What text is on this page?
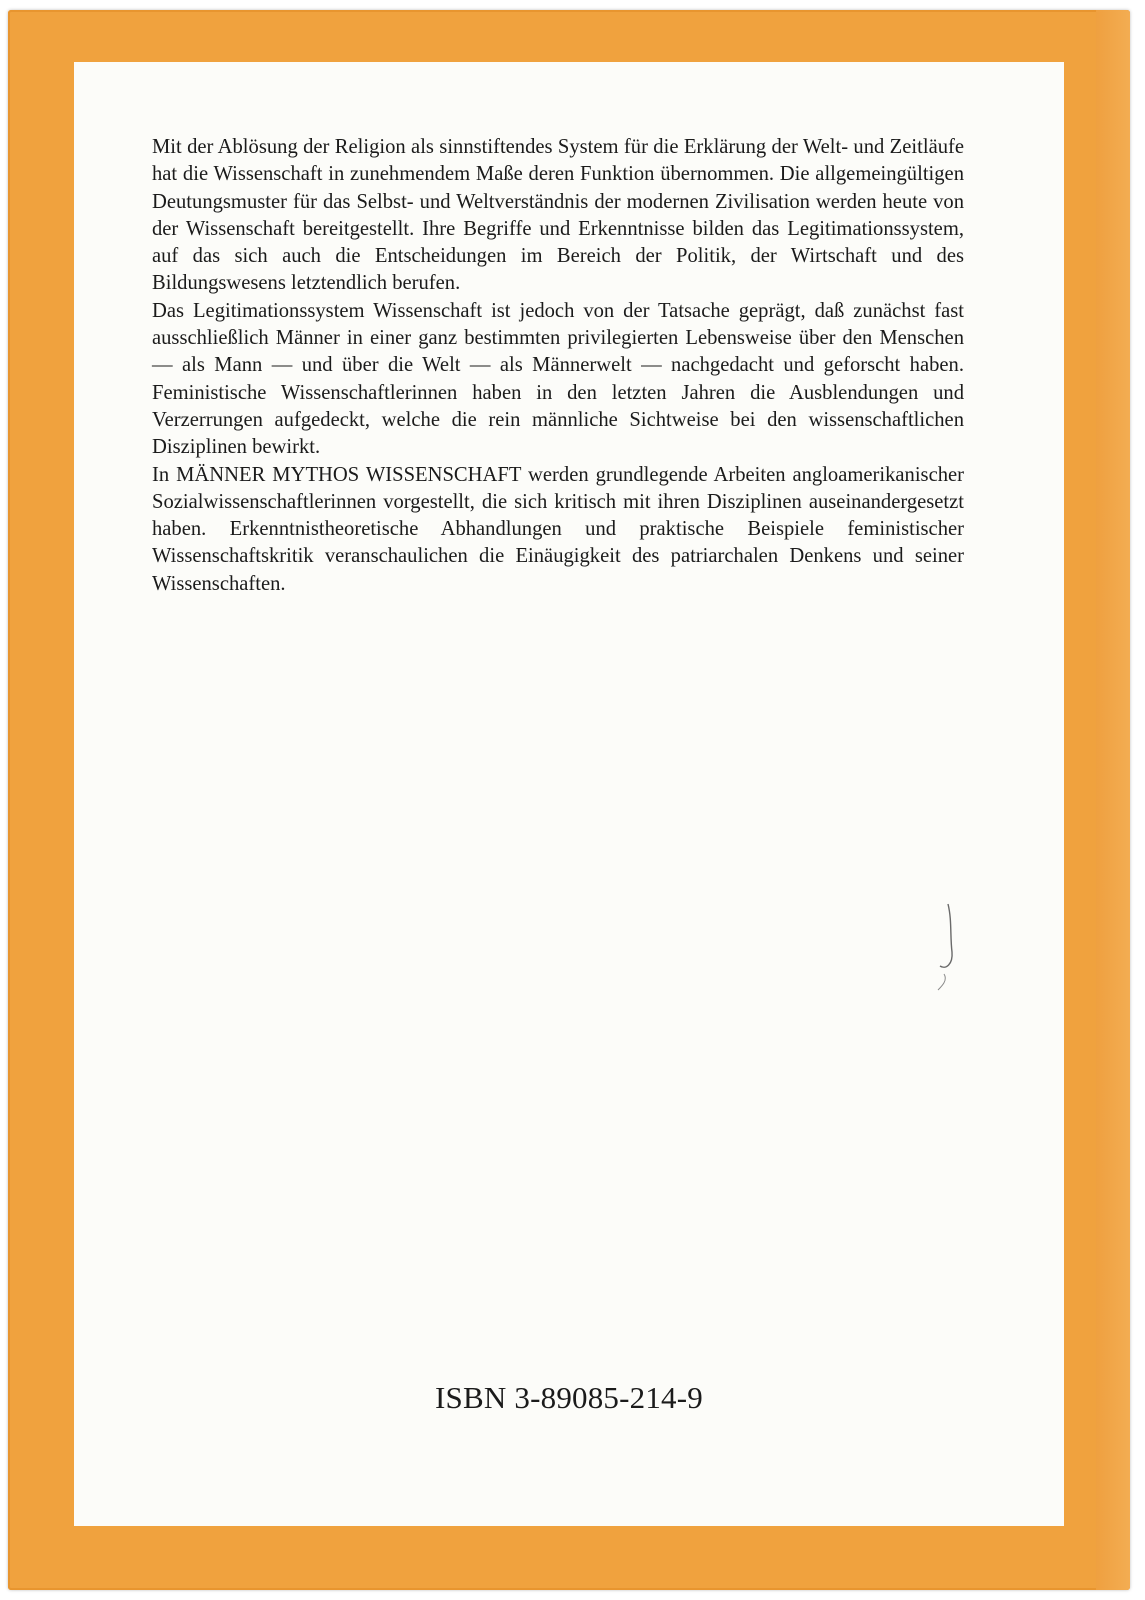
Mit der Ablösung der Religion als sinnstiftendes System für die Erklärung der Welt- und Zeitläufe hat die Wissenschaft in zunehmendem Maße deren Funktion übernommen. Die allgemeingültigen Deutungsmuster für das Selbst- und Weltverständnis der modernen Zivilisation werden heute von der Wissenschaft bereitgestellt. Ihre Begriffe und Erkenntnisse bilden das Legitimationssystem, auf das sich auch die Entscheidungen im Bereich der Politik, der Wirtschaft und des Bildungswesens letztendlich berufen.

Das Legitimationssystem Wissenschaft ist jedoch von der Tatsache geprägt, daß zunächst fast ausschließlich Männer in einer ganz bestimmten privilegierten Lebensweise über den Menschen — als Mann — und über die Welt — als Männerwelt — nachgedacht und geforscht haben. Feministische Wissenschaftlerinnen haben in den letzten Jahren die Ausblendungen und Verzerrungen aufgedeckt, welche die rein männliche Sichtweise bei den wissenschaftlichen Disziplinen bewirkt.

In MÄNNER MYTHOS WISSENSCHAFT werden grundlegende Arbeiten angloamerikanischer Sozialwissenschaftlerinnen vorgestellt, die sich kritisch mit ihren Disziplinen auseinandergesetzt haben. Erkenntnistheoretische Abhandlungen und praktische Beispiele feministischer Wissenschaftskritik veranschaulichen die Einäugigkeit des patriarchalen Denkens und seiner Wissenschaften.

ISBN 3-89085-214-9
